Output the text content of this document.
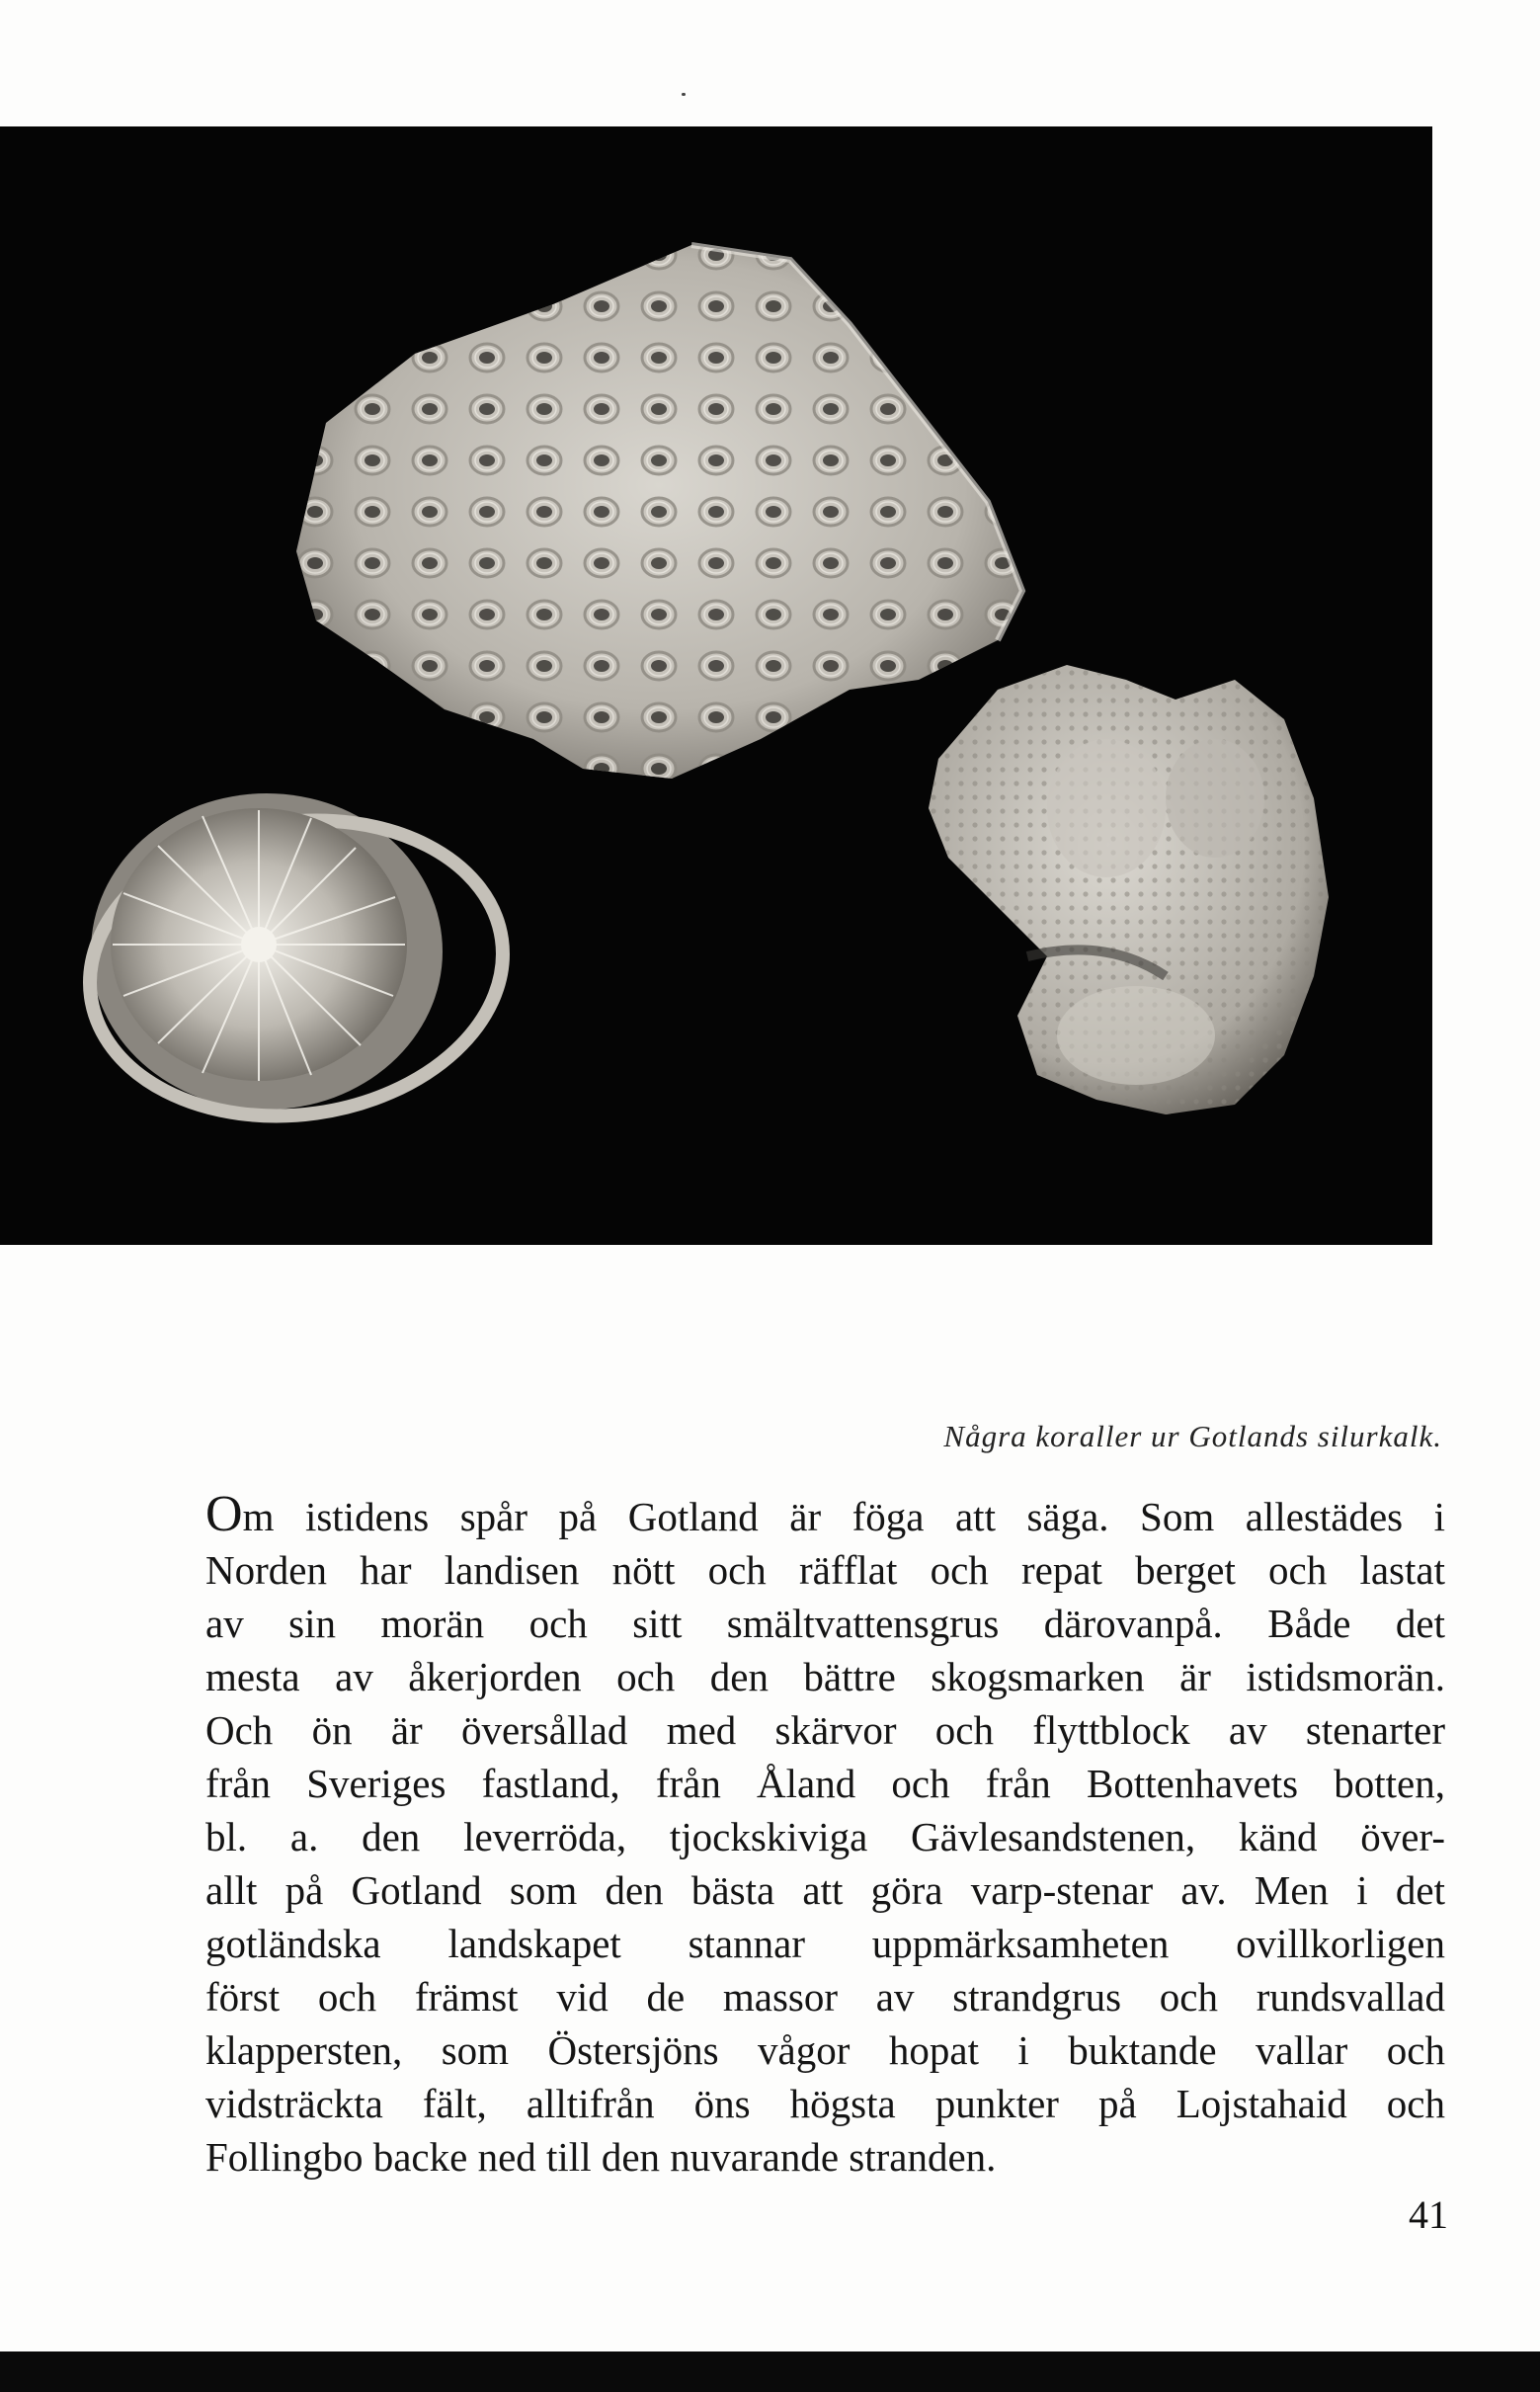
Några koraller ur Gotlands silurkalk.
Om istidens spår på Gotland är föga att säga. Som allestädes i
Norden har landisen nött och räfflat och repat berget och lastat
av sin morän och sitt smältvattensgrus därovanpå. Både det
mesta av åkerjorden och den bättre skogsmarken är istidsmorän.
Och ön är översållad med skärvor och flyttblock av stenarter
från Sveriges fastland, från Åland och från Bottenhavets botten,
bl. a. den leverröda, tjockskiviga Gävlesandstenen, känd över-
allt på Gotland som den bästa att göra varp-stenar av. Men i det
gotländska landskapet stannar uppmärksamheten ovillkorligen
först och främst vid de massor av strandgrus och rundsvallad
klappersten, som Östersjöns vågor hopat i buktande vallar och
vidsträckta fält, alltifrån öns högsta punkter på Lojstahaid och
Follingbo backe ned till den nuvarande stranden.
41
